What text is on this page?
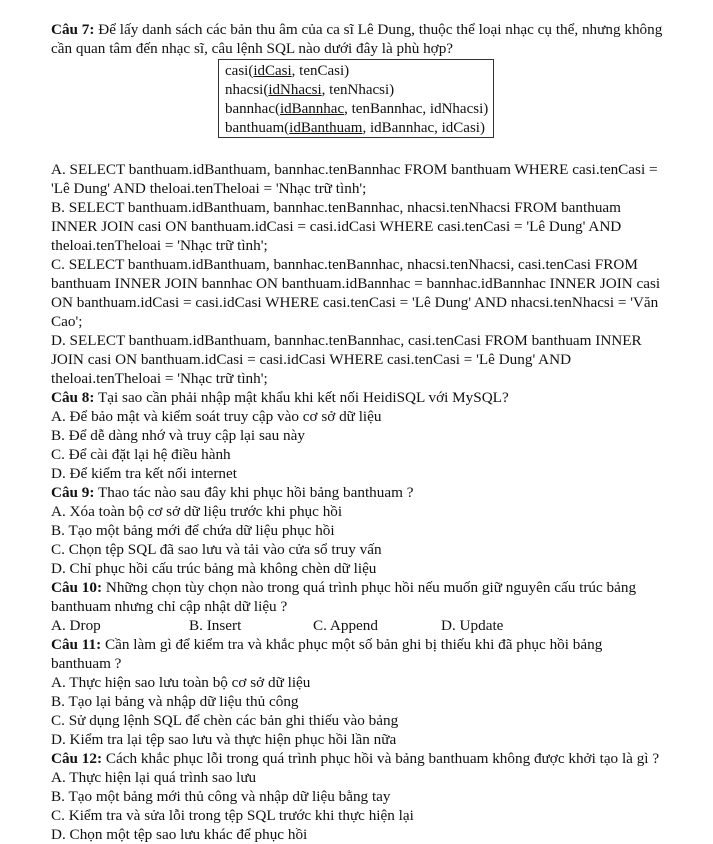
Câu 7: Để lấy danh sách các bản thu âm của ca sĩ Lê Dung, thuộc thể loại nhạc cụ thể, nhưng không
cần quan tâm đến nhạc sĩ, câu lệnh SQL nào dưới đây là phù hợp?
casi(idCasi, tenCasi)
nhacsi(idNhacsi, tenNhacsi)
bannhac(idBannhac, tenBannhac, idNhacsi)
banthuam(idBanthuam, idBannhac, idCasi)
A. SELECT banthuam.idBanthuam, bannhac.tenBannhac FROM banthuam WHERE casi.tenCasi =
'Lê Dung' AND theloai.tenTheloai = 'Nhạc trữ tình';
B. SELECT banthuam.idBanthuam, bannhac.tenBannhac, nhacsi.tenNhacsi FROM banthuam
INNER JOIN casi ON banthuam.idCasi = casi.idCasi WHERE casi.tenCasi = 'Lê Dung' AND
theloai.tenTheloai = 'Nhạc trữ tình';
C. SELECT banthuam.idBanthuam, bannhac.tenBannhac, nhacsi.tenNhacsi, casi.tenCasi FROM
banthuam INNER JOIN bannhac ON banthuam.idBannhac = bannhac.idBannhac INNER JOIN casi
ON banthuam.idCasi = casi.idCasi WHERE casi.tenCasi = 'Lê Dung' AND nhacsi.tenNhacsi = 'Văn
Cao';
D. SELECT banthuam.idBanthuam, bannhac.tenBannhac, casi.tenCasi FROM banthuam INNER
JOIN casi ON banthuam.idCasi = casi.idCasi WHERE casi.tenCasi = 'Lê Dung' AND
theloai.tenTheloai = 'Nhạc trữ tình';
Câu 8: Tại sao cần phải nhập mật khẩu khi kết nối HeidiSQL với MySQL?
A. Để bảo mật và kiểm soát truy cập vào cơ sở dữ liệu
B. Để dễ dàng nhớ và truy cập lại sau này
C. Để cài đặt lại hệ điều hành
D. Để kiểm tra kết nối internet
Câu 9: Thao tác nào sau đây khi phục hồi bảng banthuam ?
A. Xóa toàn bộ cơ sở dữ liệu trước khi phục hồi
B. Tạo một bảng mới để chứa dữ liệu phục hồi
C. Chọn tệp SQL đã sao lưu và tải vào cửa sổ truy vấn
D. Chỉ phục hồi cấu trúc bảng mà không chèn dữ liệu
Câu 10: Những chọn tùy chọn nào trong quá trình phục hồi nếu muốn giữ nguyên cấu trúc bảng
banthuam nhưng chỉ cập nhật dữ liệu ?
A. Drop	B. Insert	C. Append	D. Update
Câu 11: Cần làm gì để kiểm tra và khắc phục một số bản ghi bị thiếu khi đã phục hồi bảng
banthuam ?
A. Thực hiện sao lưu toàn bộ cơ sở dữ liệu
B. Tạo lại bảng và nhập dữ liệu thủ công
C. Sử dụng lệnh SQL để chèn các bản ghi thiếu vào bảng
D. Kiểm tra lại tệp sao lưu và thực hiện phục hồi lần nữa
Câu 12: Cách khắc phục lỗi trong quá trình phục hồi và bảng banthuam không được khởi tạo là gì ?
A. Thực hiện lại quá trình sao lưu
B. Tạo một bảng mới thủ công và nhập dữ liệu bằng tay
C. Kiểm tra và sửa lỗi trong tệp SQL trước khi thực hiện lại
D. Chọn một tệp sao lưu khác để phục hồi
